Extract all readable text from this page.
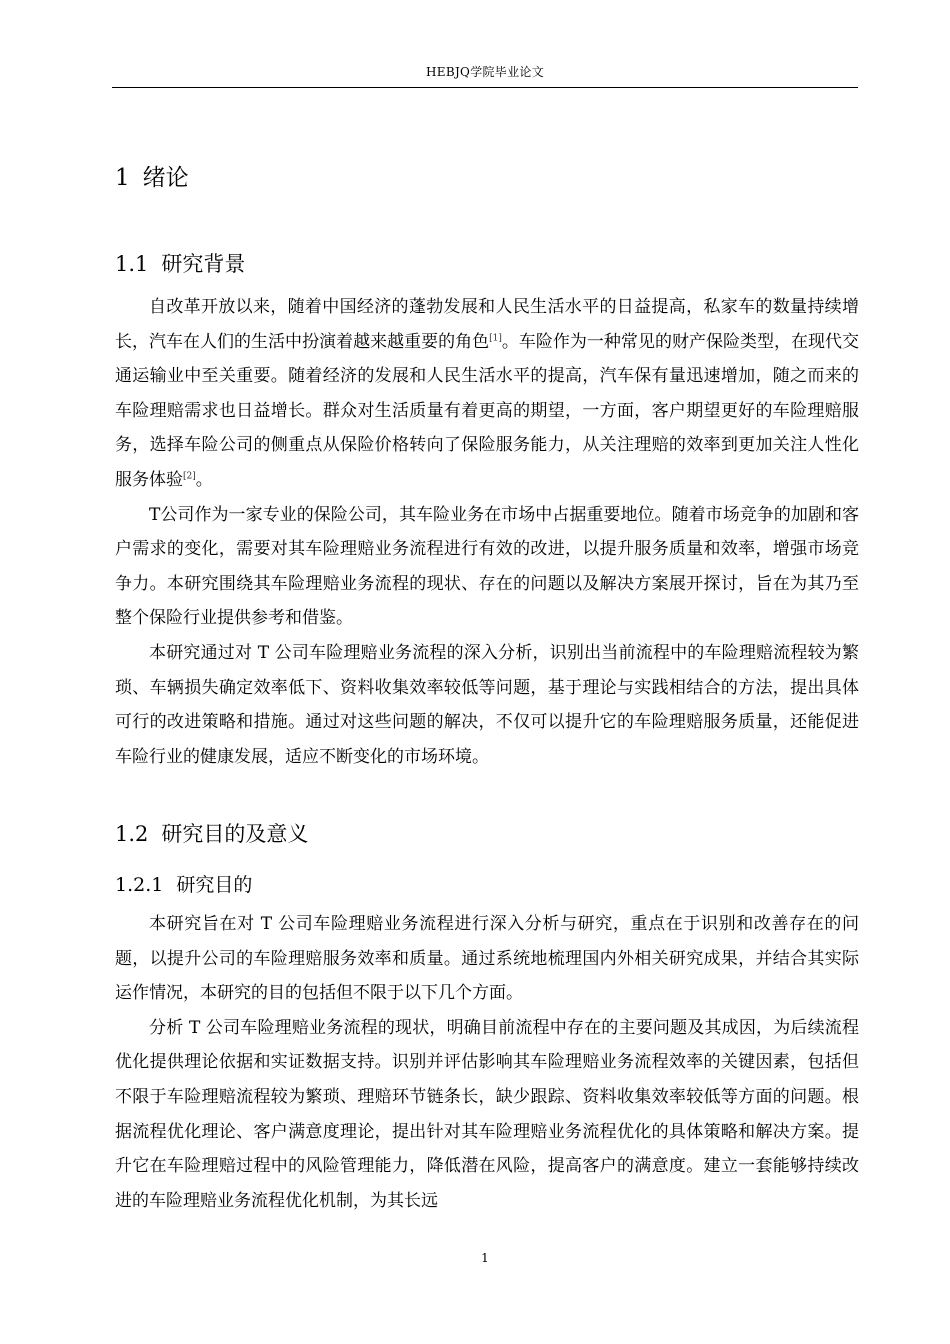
HEBJQ学院毕业论文
1 绪论
1.1 研究背景

自改革开放以来，随着中国经济的蓬勃发展和人民生活水平的日益提高，私家车的数量持续增长，汽车在人们的生活中扮演着越来越重要的角色[1]。车险作为一种常见的财产保险类型，在现代交通运输业中至关重要。随着经济的发展和人民生活水平的提高，汽车保有量迅速增加，随之而来的车险理赔需求也日益增长。群众对生活质量有着更高的期望，一方面，客户期望更好的车险理赔服务，选择车险公司的侧重点从保险价格转向了保险服务能力，从关注理赔的效率到更加关注人性化服务体验[2]。

T公司作为一家专业的保险公司，其车险业务在市场中占据重要地位。随着市场竞争的加剧和客户需求的变化，需要对其车险理赔业务流程进行有效的改进，以提升服务质量和效率，增强市场竞争力。本研究围绕其车险理赔业务流程的现状、存在的问题以及解决方案展开探讨，旨在为其乃至整个保险行业提供参考和借鉴。

本研究通过对 T 公司车险理赔业务流程的深入分析，识别出当前流程中的车险理赔流程较为繁琐、车辆损失确定效率低下、资料收集效率较低等问题，基于理论与实践相结合的方法，提出具体可行的改进策略和措施。通过对这些问题的解决，不仅可以提升它的车险理赔服务质量，还能促进车险行业的健康发展，适应不断变化的市场环境。

1.2 研究目的及意义
1.2.1 研究目的

本研究旨在对 T 公司车险理赔业务流程进行深入分析与研究，重点在于识别和改善存在的问题，以提升公司的车险理赔服务效率和质量。通过系统地梳理国内外相关研究成果，并结合其实际运作情况，本研究的目的包括但不限于以下几个方面。

分析 T 公司车险理赔业务流程的现状，明确目前流程中存在的主要问题及其成因，为后续流程优化提供理论依据和实证数据支持。识别并评估影响其车险理赔业务流程效率的关键因素，包括但不限于车险理赔流程较为繁琐、理赔环节链条长，缺少跟踪、资料收集效率较低等方面的问题。根据流程优化理论、客户满意度理论，提出针对其车险理赔业务流程优化的具体策略和解决方案。提升它在车险理赔过程中的风险管理能力，降低潜在风险，提高客户的满意度。建立一套能够持续改进的车险理赔业务流程优化机制，为其长远

1
